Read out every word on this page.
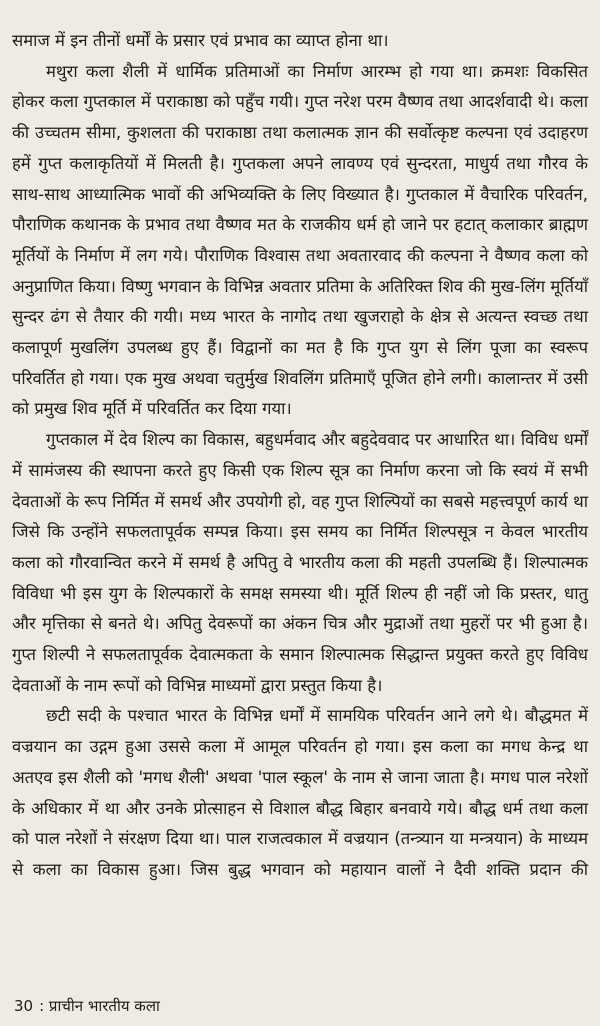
समाज में इन तीनों धर्मों के प्रसार एवं प्रभाव का व्याप्त होना था।

मथुरा कला शैली में धार्मिक प्रतिमाओं का निर्माण आरम्भ हो गया था। क्रमशः विकसित होकर कला गुप्तकाल में पराकाष्ठा को पहुँच गयी। गुप्त नरेश परम वैष्णव तथा आदर्शवादी थे। कला की उच्चतम सीमा, कुशलता की पराकाष्ठा तथा कलात्मक ज्ञान की सर्वोत्कृष्ट कल्पना एवं उदाहरण हमें गुप्त कलाकृतियों में मिलती है। गुप्तकला अपने लावण्य एवं सुन्दरता, माधुर्य तथा गौरव के साथ-साथ आध्यात्मिक भावों की अभिव्यक्ति के लिए विख्यात है। गुप्तकाल में वैचारिक परिवर्तन, पौराणिक कथानक के प्रभाव तथा वैष्णव मत के राजकीय धर्म हो जाने पर हटात् कलाकार ब्राह्मण मूर्तियों के निर्माण में लग गये। पौराणिक विश्वास तथा अवतारवाद की कल्पना ने वैष्णव कला को अनुप्राणित किया। विष्णु भगवान के विभिन्न अवतार प्रतिमा के अतिरिक्त शिव की मुख-लिंग मूर्तियाँ सुन्दर ढंग से तैयार की गयी। मध्य भारत के नागोद तथा खुजराहो के क्षेत्र से अत्यन्त स्वच्छ तथा कलापूर्ण मुखलिंग उपलब्ध हुए हैं। विद्वानों का मत है कि गुप्त युग से लिंग पूजा का स्वरूप परिवर्तित हो गया। एक मुख अथवा चतुर्मुख शिवलिंग प्रतिमाएँ पूजित होने लगी। कालान्तर में उसी को प्रमुख शिव मूर्ति में परिवर्तित कर दिया गया।

गुप्तकाल में देव शिल्प का विकास, बहुधर्मवाद और बहुदेववाद पर आधारित था। विविध धर्मों में सामंजस्य की स्थापना करते हुए किसी एक शिल्प सूत्र का निर्माण करना जो कि स्वयं में सभी देवताओं के रूप निर्मित में समर्थ और उपयोगी हो, वह गुप्त शिल्पियों का सबसे महत्त्वपूर्ण कार्य था जिसे कि उन्होंने सफलतापूर्वक सम्पन्न किया। इस समय का निर्मित शिल्पसूत्र न केवल भारतीय कला को गौरवान्वित करने में समर्थ है अपितु वे भारतीय कला की महती उपलब्धि हैं। शिल्पात्मक विविधा भी इस युग के शिल्पकारों के समक्ष समस्या थी। मूर्ति शिल्प ही नहीं जो कि प्रस्तर, धातु और मृत्तिका से बनते थे। अपितु देवरूपों का अंकन चित्र और मुद्राओं तथा मुहरों पर भी हुआ है। गुप्त शिल्पी ने सफलतापूर्वक देवात्मकता के समान शिल्पात्मक सिद्धान्त प्रयुक्त करते हुए विविध देवताओं के नाम रूपों को विभिन्न माध्यमों द्वारा प्रस्तुत किया है।

छटी सदी के पश्चात भारत के विभिन्न धर्मों में सामयिक परिवर्तन आने लगे थे। बौद्धमत में वज्रयान का उद्गम हुआ उससे कला में आमूल परिवर्तन हो गया। इस कला का मगध केन्द्र था अतएव इस शैली को 'मगध शैली' अथवा 'पाल स्कूल' के नाम से जाना जाता है। मगध पाल नरेशों के अधिकार में था और उनके प्रोत्साहन से विशाल बौद्ध बिहार बनवाये गये। बौद्ध धर्म तथा कला को पाल नरेशों ने संरक्षण दिया था। पाल राजत्वकाल में वज्रयान (तन्त्र्यान या मन्त्रयान) के माध्यम से कला का विकास हुआ। जिस बुद्ध भगवान को महायान वालों ने दैवी शक्ति प्रदान की

30 : प्राचीन भारतीय कला
